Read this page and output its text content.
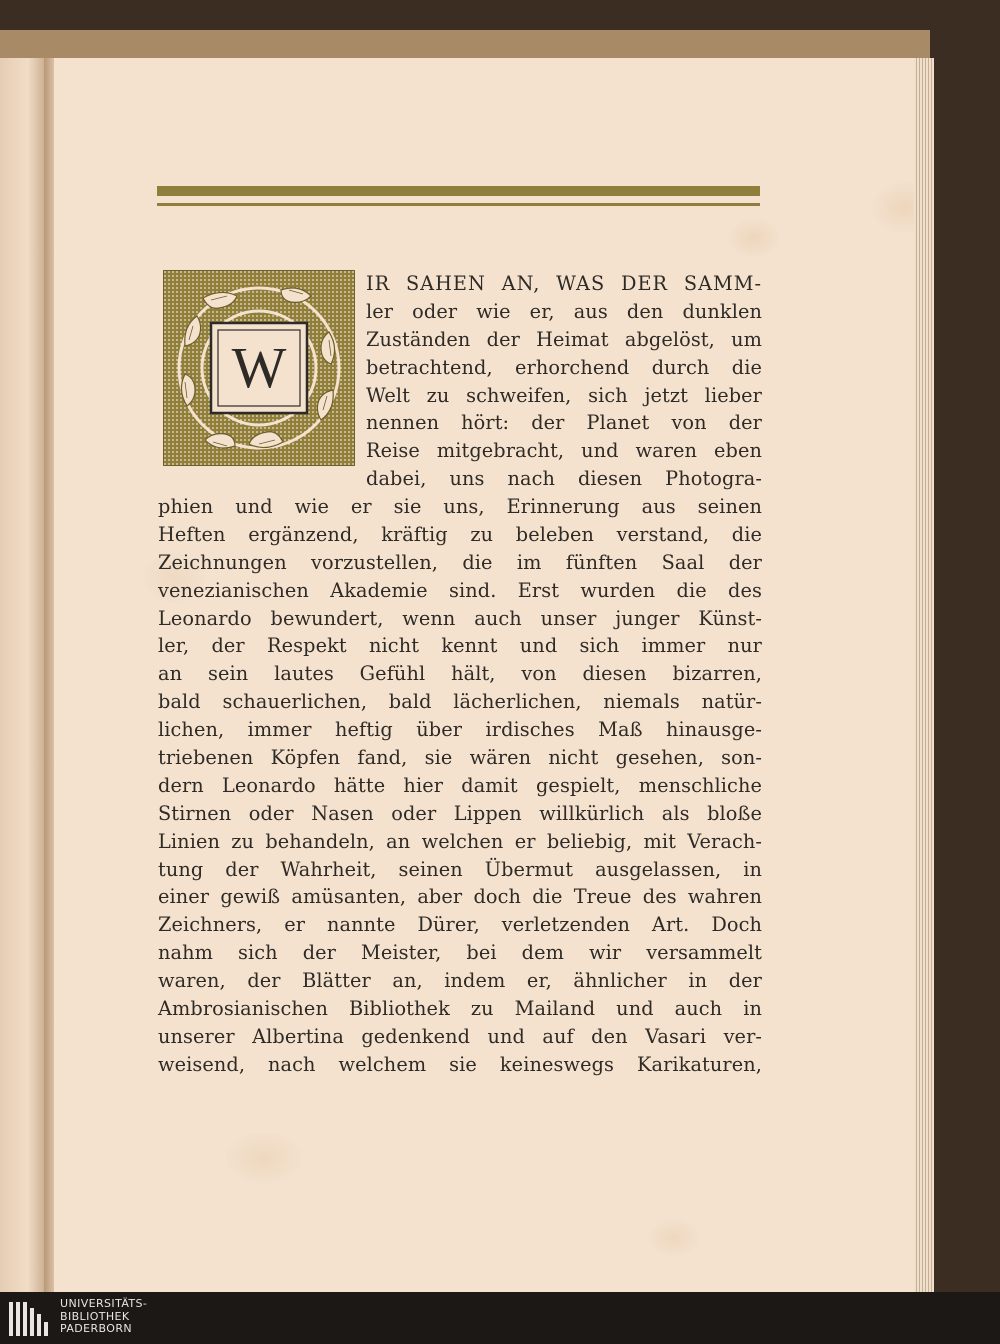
W
IR SAHEN AN, WAS DER SAMM-
ler oder wie er, aus den dunklen
Zuständen der Heimat abgelöst, um
betrachtend, erhorchend durch die
Welt zu schweifen, sich jetzt lieber
nennen hört: der Planet von der
Reise mitgebracht, und waren eben
dabei, uns nach diesen Photogra-
phien und wie er sie uns, Erinnerung aus seinen
Heften ergänzend, kräftig zu beleben verstand, die
Zeichnungen vorzustellen, die im fünften Saal der
venezianischen Akademie sind. Erst wurden die des
Leonardo bewundert, wenn auch unser junger Künst-
ler, der Respekt nicht kennt und sich immer nur
an sein lautes Gefühl hält, von diesen bizarren,
bald schauerlichen, bald lächerlichen, niemals natür-
lichen, immer heftig über irdisches Maß hinausge-
triebenen Köpfen fand, sie wären nicht gesehen, son-
dern Leonardo hätte hier damit gespielt, menschliche
Stirnen oder Nasen oder Lippen willkürlich als bloße
Linien zu behandeln, an welchen er beliebig, mit Verach-
tung der Wahrheit, seinen Übermut ausgelassen, in
einer gewiß amüsanten, aber doch die Treue des wahren
Zeichners, er nannte Dürer, verletzenden Art. Doch
nahm sich der Meister, bei dem wir versammelt
waren, der Blätter an, indem er, ähnlicher in der
Ambrosianischen Bibliothek zu Mailand und auch in
unserer Albertina gedenkend und auf den Vasari ver-
weisend, nach welchem sie keineswegs Karikaturen,
UNIVERSITÄTS-
BIBLIOTHEK
PADERBORN
